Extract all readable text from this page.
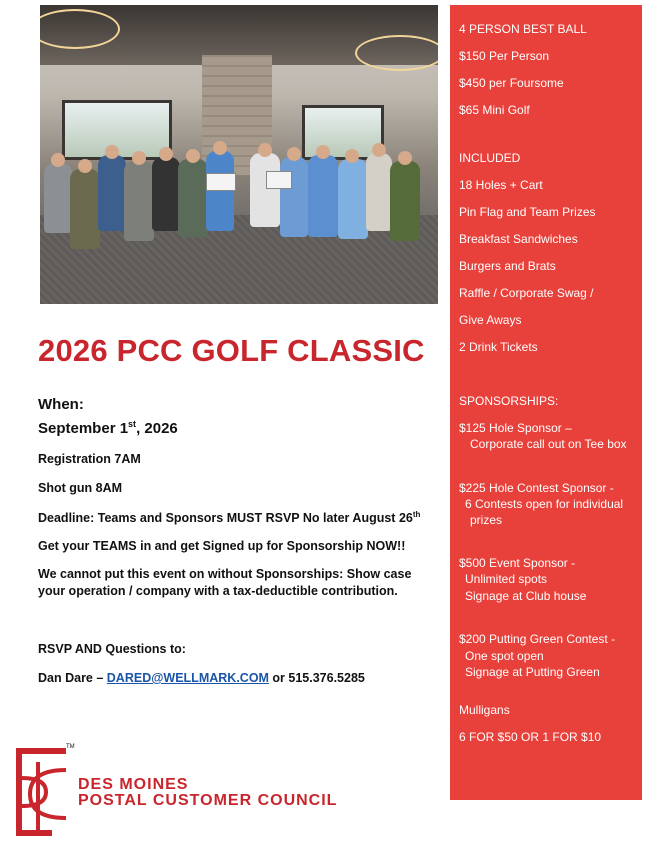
2026 PCC GOLF CLASSIC
When:
September 1st, 2026
Registration 7AM
Shot gun 8AM
Deadline: Teams and Sponsors MUST RSVP No later August 26th
Get your TEAMS in and get Signed up for Sponsorship NOW!!
We cannot put this event on without Sponsorships: Show case your operation / company with a tax-deductible contribution.
RSVP AND Questions to:
Dan Dare – DARED@WELLMARK.COM or 515.376.5285
TM
DES MOINES
POSTAL CUSTOMER COUNCIL
4 PERSON BEST BALL
$150 Per Person
$450 per Foursome
$65 Mini Golf
INCLUDED
18 Holes + Cart
Pin Flag and Team Prizes
Breakfast Sandwiches
Burgers and Brats
Raffle / Corporate Swag /
Give Aways
2 Drink Tickets
SPONSORSHIPS:
$125 Hole Sponsor –
Corporate call out on Tee box
$225 Hole Contest Sponsor -
6 Contests open for individual
prizes
$500 Event Sponsor -
Unlimited spots
Signage at Club house
$200 Putting Green Contest -
One spot open
Signage at Putting Green
Mulligans
6 FOR $50 OR 1 FOR $10
